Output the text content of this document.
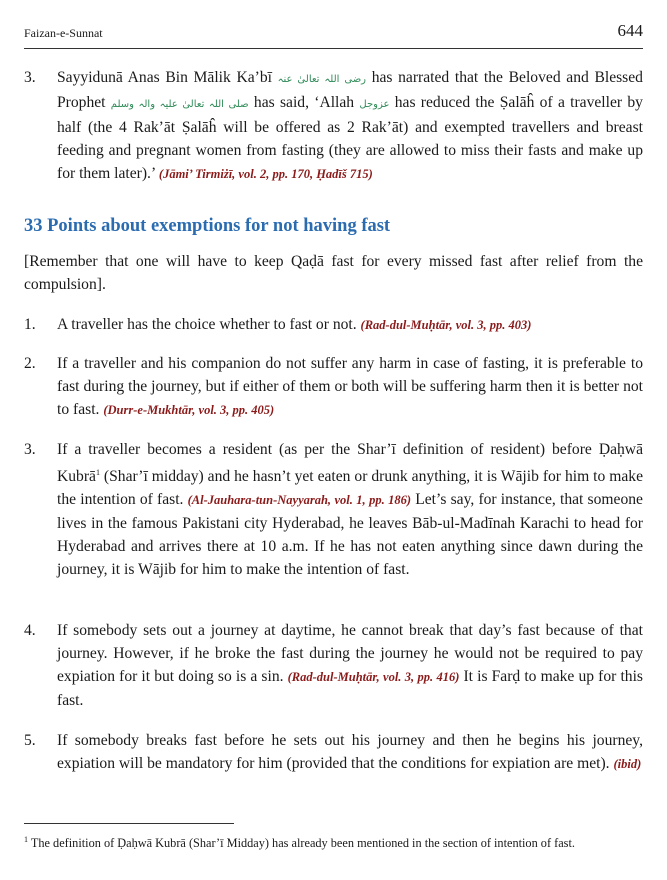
Faizan-e-Sunnat	644
3.	Sayyidunā Anas Bin Mālik Ka’bī رضی اللہ تعالیٰ عنہ has narrated that the Beloved and Blessed Prophet صلی اللہ تعالیٰ علیہ والہ وسلم has said, ‘Allah عزوجل has reduced the Ṣalāĥ of a traveller by half (the 4 Rak’āt Ṣalāĥ will be offered as 2 Rak’āt) and exempted travellers and breast feeding and pregnant women from fasting (they are allowed to miss their fasts and make up for them later).’ (Jāmi’ Tirmiżī, vol. 2, pp. 170, Ḥadīš 715)
33 Points about exemptions for not having fast
[Remember that one will have to keep Qaḍā fast for every missed fast after relief from the compulsion].
1.	A traveller has the choice whether to fast or not. (Rad-dul-Muḥtār, vol. 3, pp. 403)
2.	If a traveller and his companion do not suffer any harm in case of fasting, it is preferable to fast during the journey, but if either of them or both will be suffering harm then it is better not to fast. (Durr-e-Mukhtār, vol. 3, pp. 405)
3.	If a traveller becomes a resident (as per the Shar’ī definition of resident) before Ḍaḥwā Kubrā$^1$ (Shar’ī midday) and he hasn’t yet eaten or drunk anything, it is Wājib for him to make the intention of fast. (Al-Jauhara-tun-Nayyarah, vol. 1, pp. 186) Let’s say, for instance, that someone lives in the famous Pakistani city Hyderabad, he leaves Bāb-ul-Madīnah Karachi to head for Hyderabad and arrives there at 10 a.m. If he has not eaten anything since dawn during the journey, it is Wājib for him to make the intention of fast.
4.	If somebody sets out a journey at daytime, he cannot break that day’s fast because of that journey. However, if he broke the fast during the journey he would not be required to pay expiation for it but doing so is a sin. (Rad-dul-Muḥtār, vol. 3, pp. 416) It is Farḍ to make up for this fast.
5.	If somebody breaks fast before he sets out his journey and then he begins his journey, expiation will be mandatory for him (provided that the conditions for expiation are met). (ibid)
$^1$ The definition of Ḍaḥwā Kubrā (Shar’ī Midday) has already been mentioned in the section of intention of fast.
